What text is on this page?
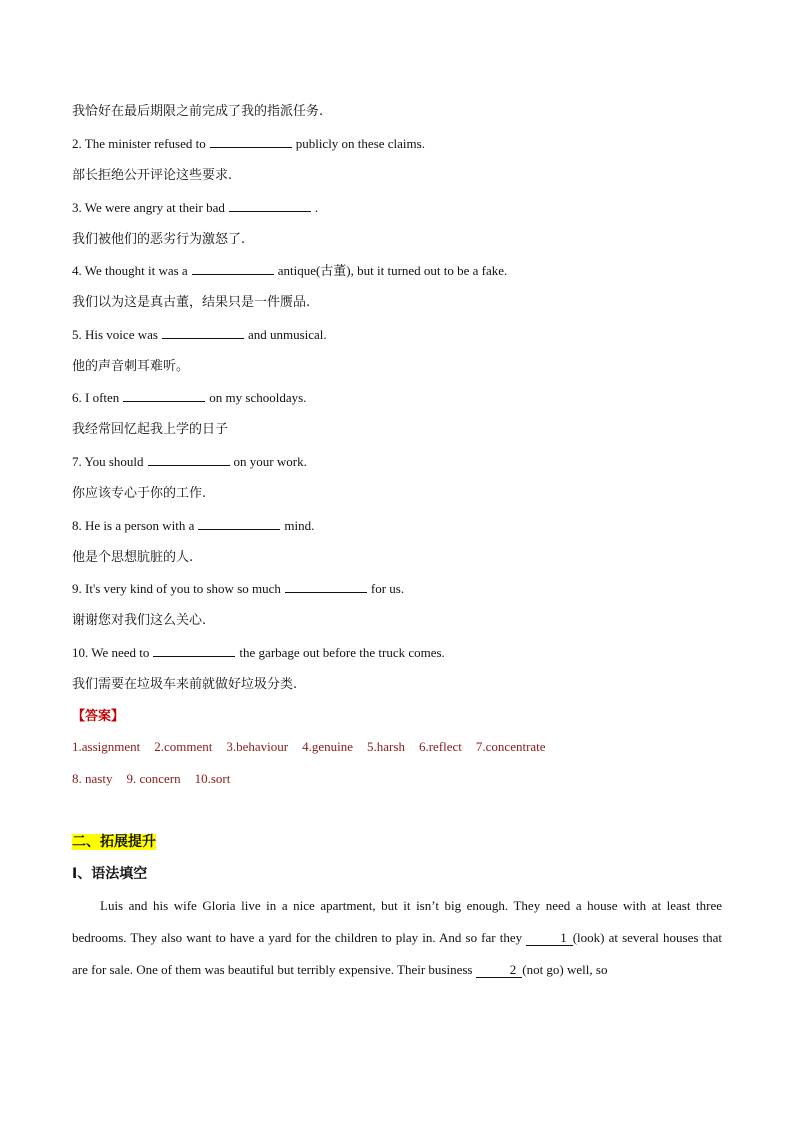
我恰好在最后期限之前完成了我的指派任务.
2. The minister refused to	publicly on these claims.
部长拒绝公开评论这些要求.
3. We were angry at their bad	.
我们被他们的恶劣行为激怒了.
4. We thought it was a	antique(古董), but it turned out to be a fake.
我们以为这是真古董，结果只是一件赝品.
5. His voice was	and unmusical.
他的声音刺耳难听。
6. I often	on my schooldays.
我经常回忆起我上学的日子
7. You should	on your work.
你应该专心于你的工作.
8. He is a person with a	mind.
他是个思想肮脏的人.
9. It's very kind of you to show so much	for us.
谢谢您对我们这么关心.
10. We need to	the garbage out before the truck comes.
我们需要在垃圾车来前就做好垃圾分类.
【答案】
1.assignment 2.comment 3.behaviour 4.genuine 5.harsh 6.reflect 7.concentrate
8. nasty 9. concern 10.sort
二、拓展提升
I、语法填空
Luis and his wife Gloria live in a nice apartment, but it isn’t big enough. They need a house with at least three bedrooms. They also want to have a yard for the children to play in. And so far they	1 (look) at several houses that are for sale. One of them was beautiful but terribly expensive. Their business	2 (not go) well, so
